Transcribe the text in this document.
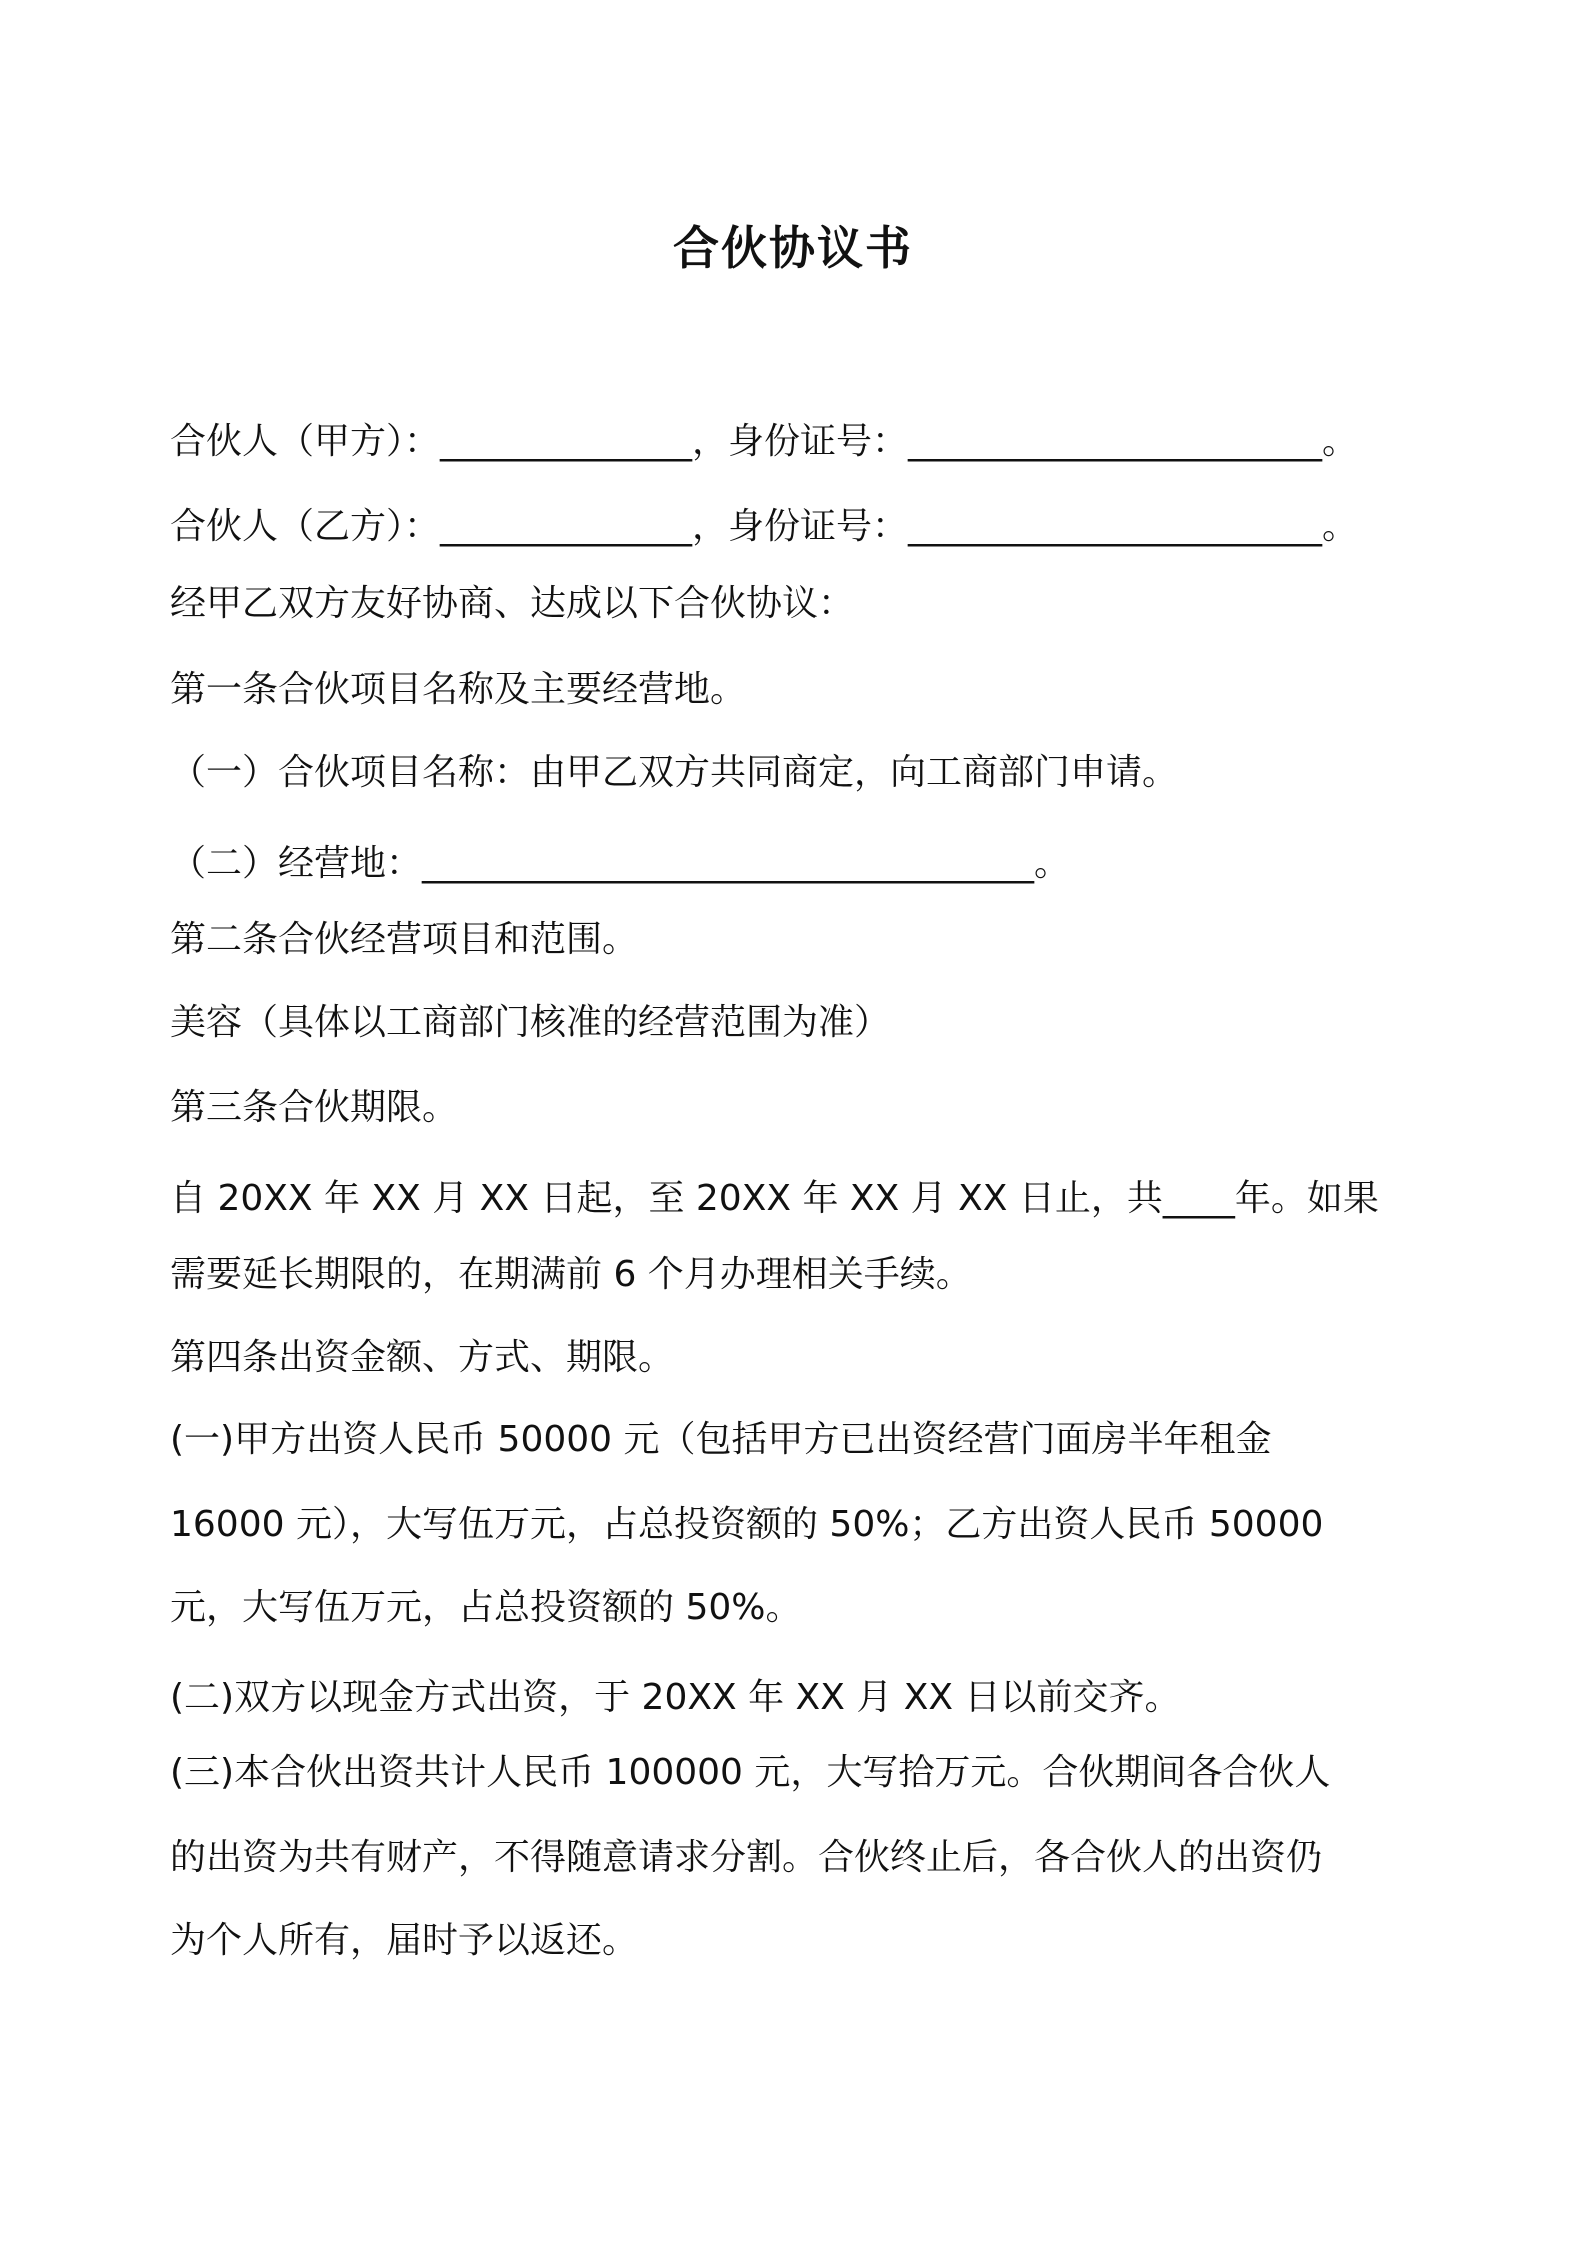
合伙协议书
合伙人（甲方）：______________，身份证号：_______________________。
合伙人（乙方）：______________，身份证号：_______________________。
经甲乙双方友好协商、达成以下合伙协议：
第一条合伙项目名称及主要经营地。
（一）合伙项目名称：由甲乙双方共同商定，向工商部门申请。
（二）经营地：__________________________________。
第二条合伙经营项目和范围。
美容（具体以工商部门核准的经营范围为准）
第三条合伙期限。
自 20XX 年 XX 月 XX 日起，至 20XX 年 XX 月 XX 日止，共____年。如果
需要延长期限的，在期满前 6 个月办理相关手续。
第四条出资金额、方式、期限。
(一)甲方出资人民币 50000 元（包括甲方已出资经营门面房半年租金
16000 元），大写伍万元，占总投资额的 50%；乙方出资人民币 50000
元，大写伍万元，占总投资额的 50%。
(二)双方以现金方式出资，于 20XX 年 XX 月 XX 日以前交齐。
(三)本合伙出资共计人民币 100000 元，大写拾万元。合伙期间各合伙人
的出资为共有财产，不得随意请求分割。合伙终止后，各合伙人的出资仍
为个人所有，届时予以返还。
